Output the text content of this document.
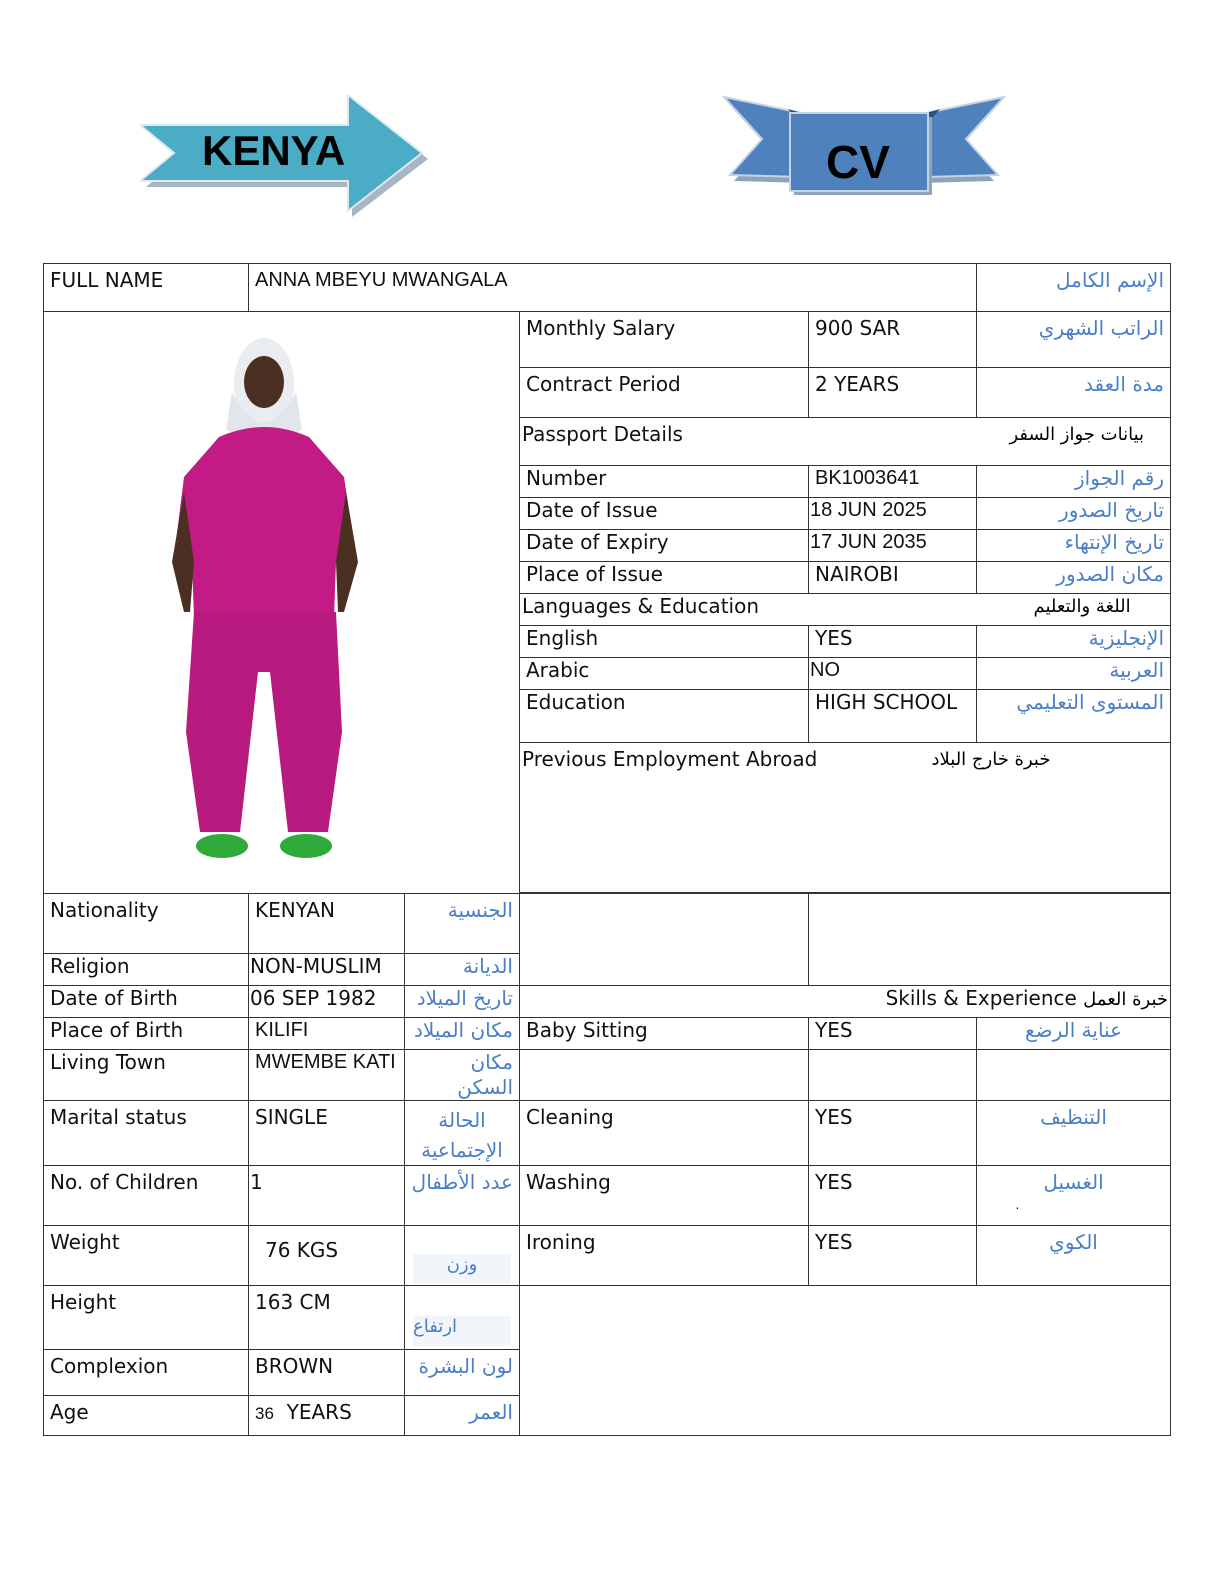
KENYA	CV
FULL NAME	ANNA MBEYU MWANGALA				الإسم الكامل

	Monthly Salary	900 SAR	الراتب الشهري
			Contract Period	2 YEARS	مدة العقد
			Passport Details بيانات جواز السفر		

			Number	BK1003641	رقم الجواز
			Date of Issue	18 JUN 2025	تاريخ الصدور
			Date of Expiry	17 JUN 2035	تاريخ الإنتهاء
			Place of Issue	NAIROBI	مكان الصدور
			Languages & Education اللغة والتعليم		

			English	YES	الإنجليزية
			Arabic	NO	العربية
			Education	HIGH SCHOOL	المستوى التعليمي
			Previous Employment Abroad خبرة خارج البلاد		

Nationality	KENYAN	الجنسية		.	

Religion	NON-MUSLIM	الديانة			
Date of Birth	06 SEP 1982	تاريخ الميلاد	Skills & Experience خبرة العمل		
Place of Birth	KILIFI	مكان الميلاد	Baby Sitting	YES	عناية الرضع
Living Town	MWEMBE KATI	مكان السكن			
Marital status	SINGLE	الحالة الإجتماعية	Cleaning	YES	التنظيف
No. of Children	1	عدد الأطفال	Washing	YES	الغسيل
Weight	76 KGS	وزن	Ironing	YES	الكوي
Height	163 CM	ارتفاع			

Complexion	BROWN	لون البشرة			
Age	36 YEARS	العمر			
